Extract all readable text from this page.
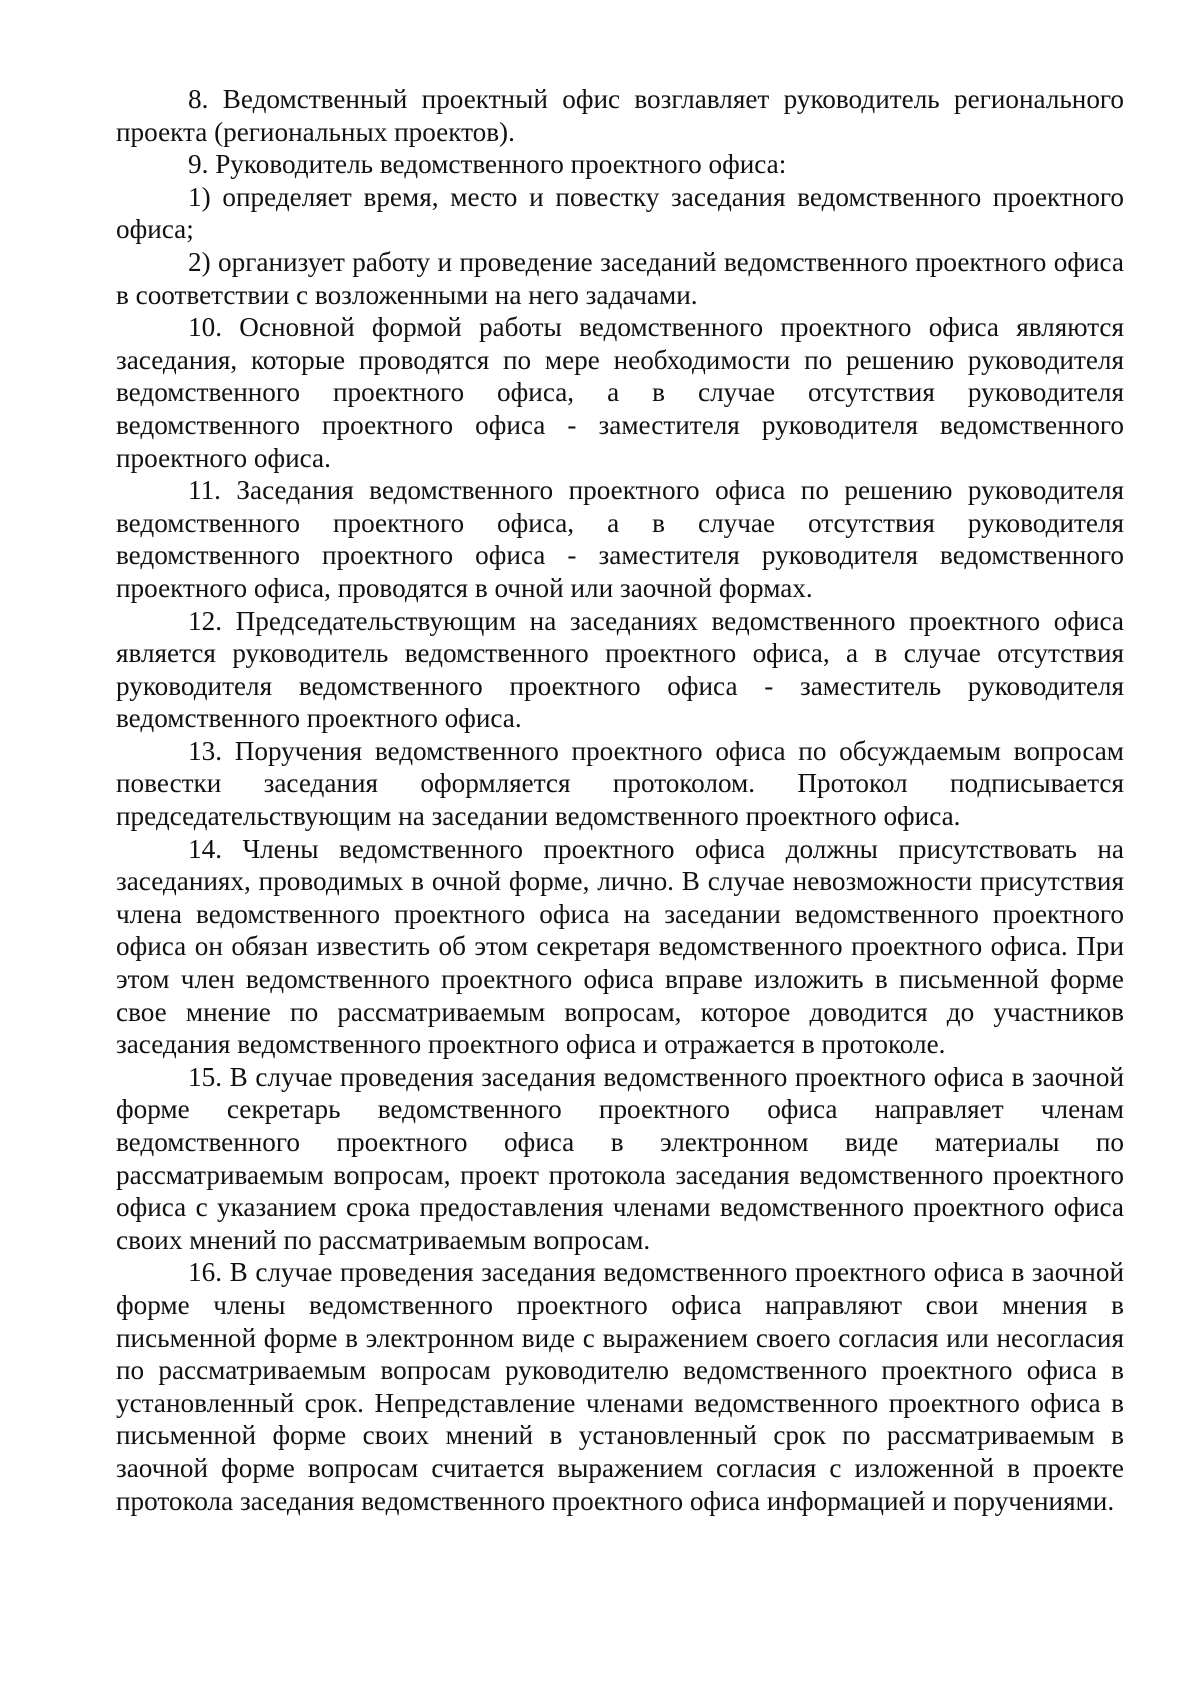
8. Ведомственный проектный офис возглавляет руководитель регионального проекта (региональных проектов).

9. Руководитель ведомственного проектного офиса:

1) определяет время, место и повестку заседания ведомственного проектного офиса;

2) организует работу и проведение заседаний ведомственного проектного офиса в соответствии с возложенными на него задачами.

10. Основной формой работы ведомственного проектного офиса являются заседания, которые проводятся по мере необходимости по решению руководителя ведомственного проектного офиса, а в случае отсутствия руководителя ведомственного проектного офиса - заместителя руководителя ведомственного проектного офиса.

11. Заседания ведомственного проектного офиса по решению руководителя ведомственного проектного офиса, а в случае отсутствия руководителя ведомственного проектного офиса - заместителя руководителя ведомственного проектного офиса, проводятся в очной или заочной формах.

12. Председательствующим на заседаниях ведомственного проектного офиса является руководитель ведомственного проектного офиса, а в случае отсутствия руководителя ведомственного проектного офиса - заместитель руководителя ведомственного проектного офиса.

13. Поручения ведомственного проектного офиса по обсуждаемым вопросам повестки заседания оформляется протоколом. Протокол подписывается председательствующим на заседании ведомственного проектного офиса.

14. Члены ведомственного проектного офиса должны присутствовать на заседаниях, проводимых в очной форме, лично. В случае невозможности присутствия члена ведомственного проектного офиса на заседании ведомственного проектного офиса он обязан известить об этом секретаря ведомственного проектного офиса. При этом член ведомственного проектного офиса вправе изложить в письменной форме свое мнение по рассматриваемым вопросам, которое доводится до участников заседания ведомственного проектного офиса и отражается в протоколе.

15. В случае проведения заседания ведомственного проектного офиса в заочной форме секретарь ведомственного проектного офиса направляет членам ведомственного проектного офиса в электронном виде материалы по рассматриваемым вопросам, проект протокола заседания ведомственного проектного офиса с указанием срока предоставления членами ведомственного проектного офиса своих мнений по рассматриваемым вопросам.

16. В случае проведения заседания ведомственного проектного офиса в заочной форме члены ведомственного проектного офиса направляют свои мнения в письменной форме в электронном виде с выражением своего согласия или несогласия по рассматриваемым вопросам руководителю ведомственного проектного офиса в установленный срок. Непредставление членами ведомственного проектного офиса в письменной форме своих мнений в установленный срок по рассматриваемым в заочной форме вопросам считается выражением согласия с изложенной в проекте протокола заседания ведомственного проектного офиса информацией и поручениями.
